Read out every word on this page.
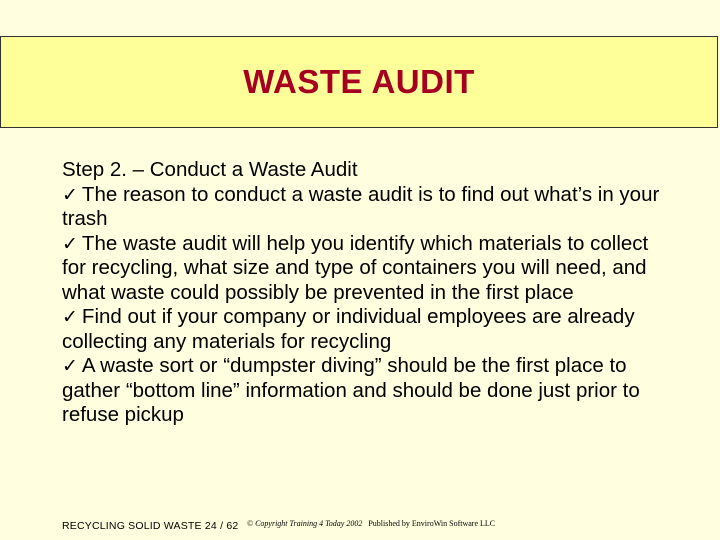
WASTE AUDIT

Step 2. – Conduct a Waste Audit

✓ The reason to conduct a waste audit is to find out what’s in your trash

✓ The waste audit will help you identify which materials to collect for recycling, what size and type of containers you will need, and what waste could possibly be prevented in the first place

✓ Find out if your company or individual employees are already collecting any materials for recycling

✓ A waste sort or “dumpster diving” should be the first place to gather “bottom line” information and should be done just prior to refuse pickup

RECYCLING SOLID WASTE 24 / 62 © Copyright Training 4 Today 2002 Published by EnviroWin Software LLC
